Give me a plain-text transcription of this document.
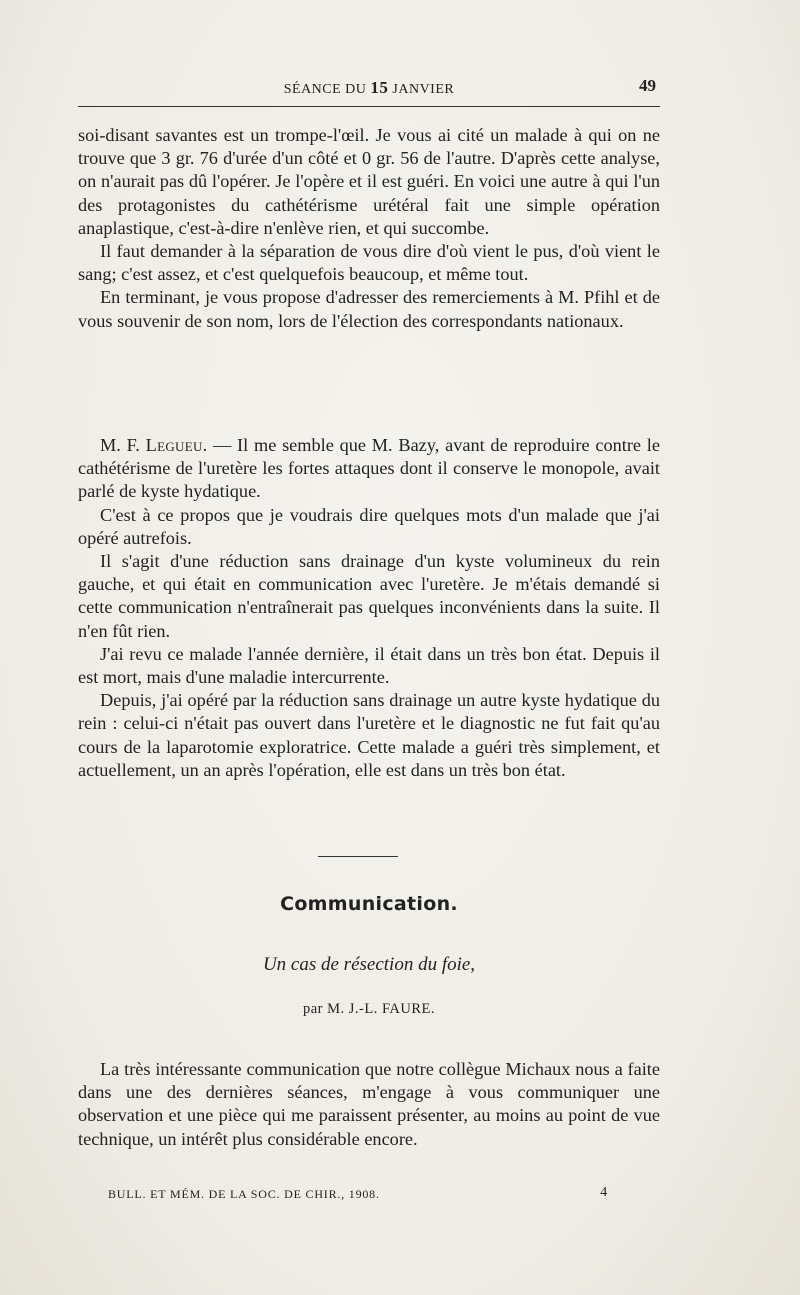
SÉANCE DU 15 JANVIER	49

soi-disant savantes est un trompe-l'œil. Je vous ai cité un malade à qui on ne trouve que 3 gr. 76 d'urée d'un côté et 0 gr. 56 de l'autre. D'après cette analyse, on n'aurait pas dû l'opérer. Je l'opère et il est guéri. En voici une autre à qui l'un des protagonistes du cathétérisme urétéral fait une simple opération anaplastique, c'est-à-dire n'enlève rien, et qui succombe.

Il faut demander à la séparation de vous dire d'où vient le pus, d'où vient le sang; c'est assez, et c'est quelquefois beaucoup, et même tout.

En terminant, je vous propose d'adresser des remerciements à M. Pfihl et de vous souvenir de son nom, lors de l'élection des correspondants nationaux.

M. F. Legueu. — Il me semble que M. Bazy, avant de reproduire contre le cathétérisme de l'uretère les fortes attaques dont il conserve le monopole, avait parlé de kyste hydatique.

C'est à ce propos que je voudrais dire quelques mots d'un malade que j'ai opéré autrefois.

Il s'agit d'une réduction sans drainage d'un kyste volumineux du rein gauche, et qui était en communication avec l'uretère. Je m'étais demandé si cette communication n'entraînerait pas quelques inconvénients dans la suite. Il n'en fût rien.

J'ai revu ce malade l'année dernière, il était dans un très bon état. Depuis il est mort, mais d'une maladie intercurrente.

Depuis, j'ai opéré par la réduction sans drainage un autre kyste hydatique du rein : celui-ci n'était pas ouvert dans l'uretère et le diagnostic ne fut fait qu'au cours de la laparotomie exploratrice. Cette malade a guéri très simplement, et actuellement, un an après l'opération, elle est dans un très bon état.

Communication.
Un cas de résection du foie,
par M. J.-L. FAURE.

La très intéressante communication que notre collègue Michaux nous a faite dans une des dernières séances, m'engage à vous communiquer une observation et une pièce qui me paraissent présenter, au moins au point de vue technique, un intérêt plus considérable encore.

BULL. ET MÉM. DE LA SOC. DE CHIR., 1908.	4
